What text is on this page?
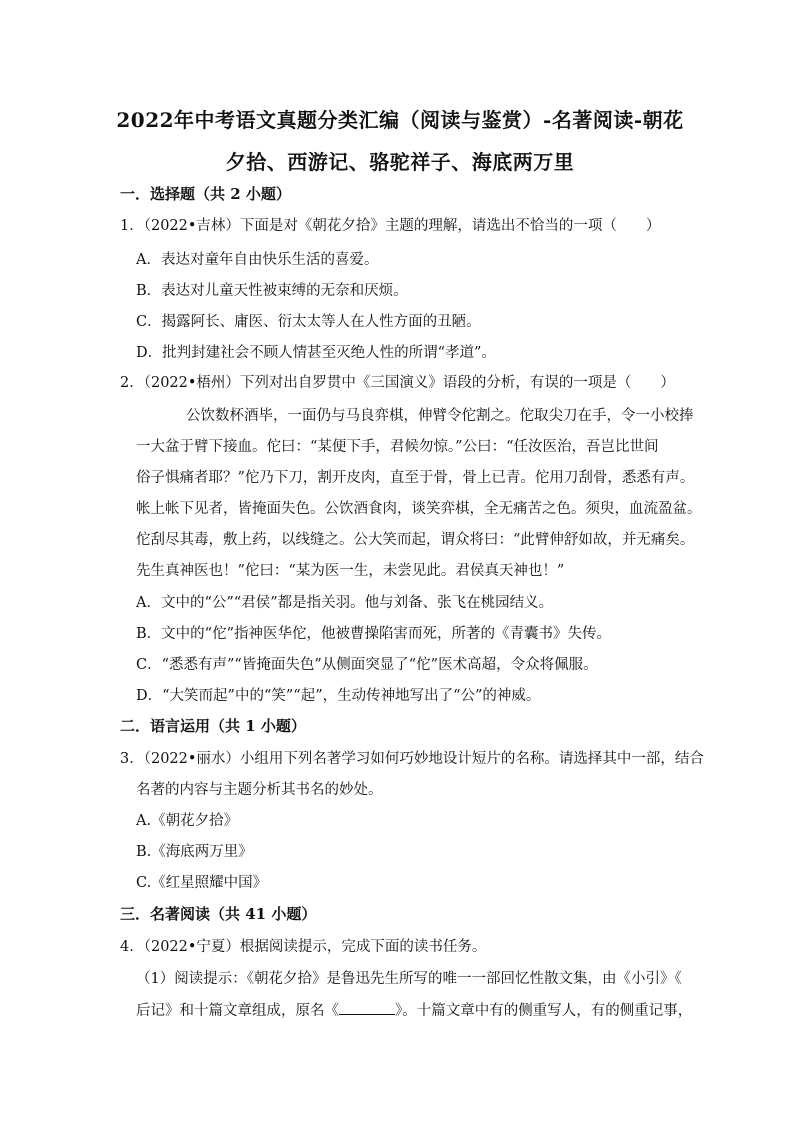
2022年中考语文真题分类汇编（阅读与鉴赏）-名著阅读-朝花
夕拾、西游记、骆驼祥子、海底两万里
一．选择题（共 2 小题）
1．（2022•吉林）下面是对《朝花夕拾》主题的理解，请选出不恰当的一项（　　）
A．表达对童年自由快乐生活的喜爱。
B．表达对儿童天性被束缚的无奈和厌烦。
C．揭露阿长、庸医、衍太太等人在人性方面的丑陋。
D．批判封建社会不顾人情甚至灭绝人性的所谓“孝道”。
2．（2022•梧州）下列对出自罗贯中《三国演义》语段的分析，有误的一项是（　　）
公饮数杯酒毕，一面仍与马良弈棋，伸臂令佗割之。佗取尖刀在手，令一小校捧
一大盆于臂下接血。佗曰：“某便下手，君候勿惊。”公曰：“任汝医治，吾岂比世间
俗子惧痛者耶？”佗乃下刀，割开皮肉，直至于骨，骨上已青。佗用刀刮骨，悉悉有声。
帐上帐下见者，皆掩面失色。公饮酒食肉，谈笑弈棋，全无痛苦之色。须臾，血流盈盆。
佗刮尽其毒，敷上药，以线缝之。公大笑而起，谓众将曰：“此臂伸舒如故，并无痛矣。
先生真神医也！”佗曰：“某为医一生，未尝见此。君侯真天神也！”
A．文中的“公”“君侯”都是指关羽。他与刘备、张飞在桃园结义。
B．文中的“佗”指神医华佗，他被曹操陷害而死，所著的《青囊书》失传。
C．“悉悉有声”“皆掩面失色”从侧面突显了“佗”医术高超，令众将佩服。
D．“大笑而起”中的“笑”“起”，生动传神地写出了“公”的神威。
二．语言运用（共 1 小题）
3．（2022•丽水）小组用下列名著学习如何巧妙地设计短片的名称。请选择其中一部，结合
名著的内容与主题分析其书名的妙处。
A.《朝花夕拾》
B.《海底两万里》
C.《红星照耀中国》
三．名著阅读（共 41 小题）
4．（2022•宁夏）根据阅读提示，完成下面的读书任务。
（1）阅读提示：《朝花夕拾》是鲁迅先生所写的唯一一部回忆性散文集，由《小引》《
后记》和十篇文章组成，原名《	》。十篇文章中有的侧重写人，有的侧重记事，
